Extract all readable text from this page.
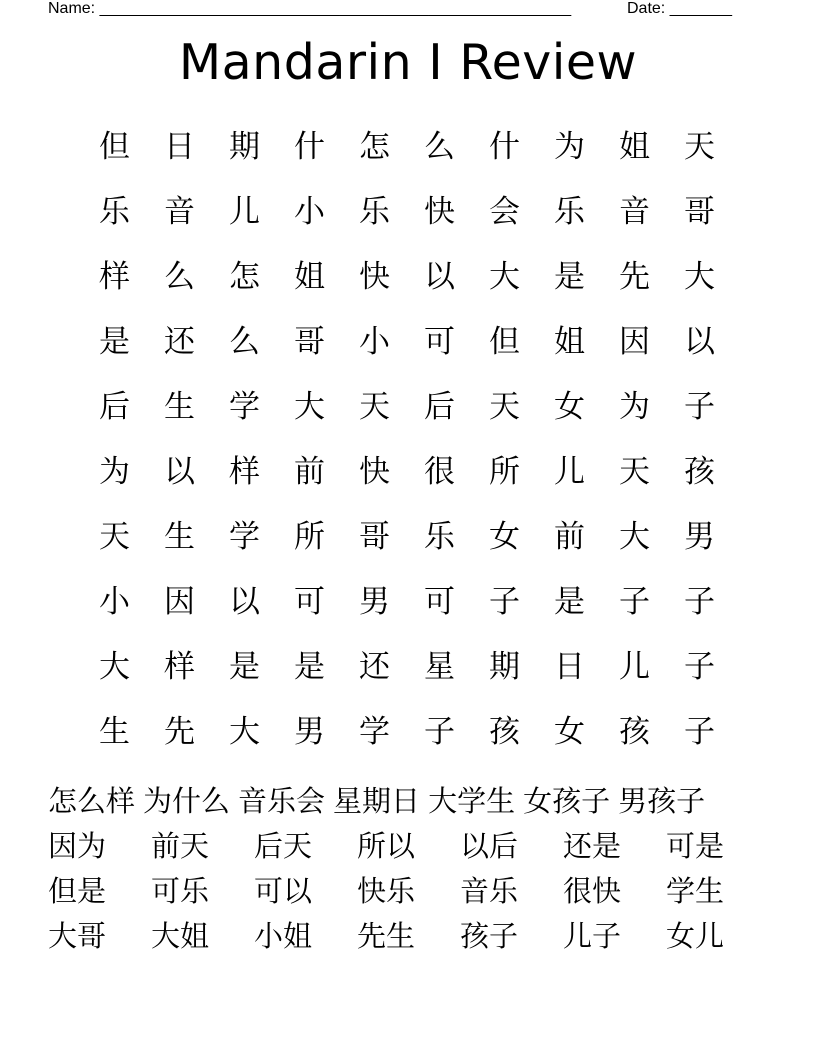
Name: _____________________________________________________	Date: _______
Mandarin I Review
但	日	期	什	怎	么	什	为	姐	天
乐	音	儿	小	乐	快	会	乐	音	哥
样	么	怎	姐	快	以	大	是	先	大
是	还	么	哥	小	可	但	姐	因	以
后	生	学	大	天	后	天	女	为	子
为	以	样	前	快	很	所	儿	天	孩
天	生	学	所	哥	乐	女	前	大	男
小	因	以	可	男	可	子	是	子	子
大	样	是	是	还	星	期	日	儿	子
生	先	大	男	学	子	孩	女	孩	子
怎么样 为什么 音乐会 星期日 大学生 女孩子 男孩子
因为	前天	后天	所以	以后	还是	可是
但是	可乐	可以	快乐	音乐	很快	学生
大哥	大姐	小姐	先生	孩子	儿子	女儿
